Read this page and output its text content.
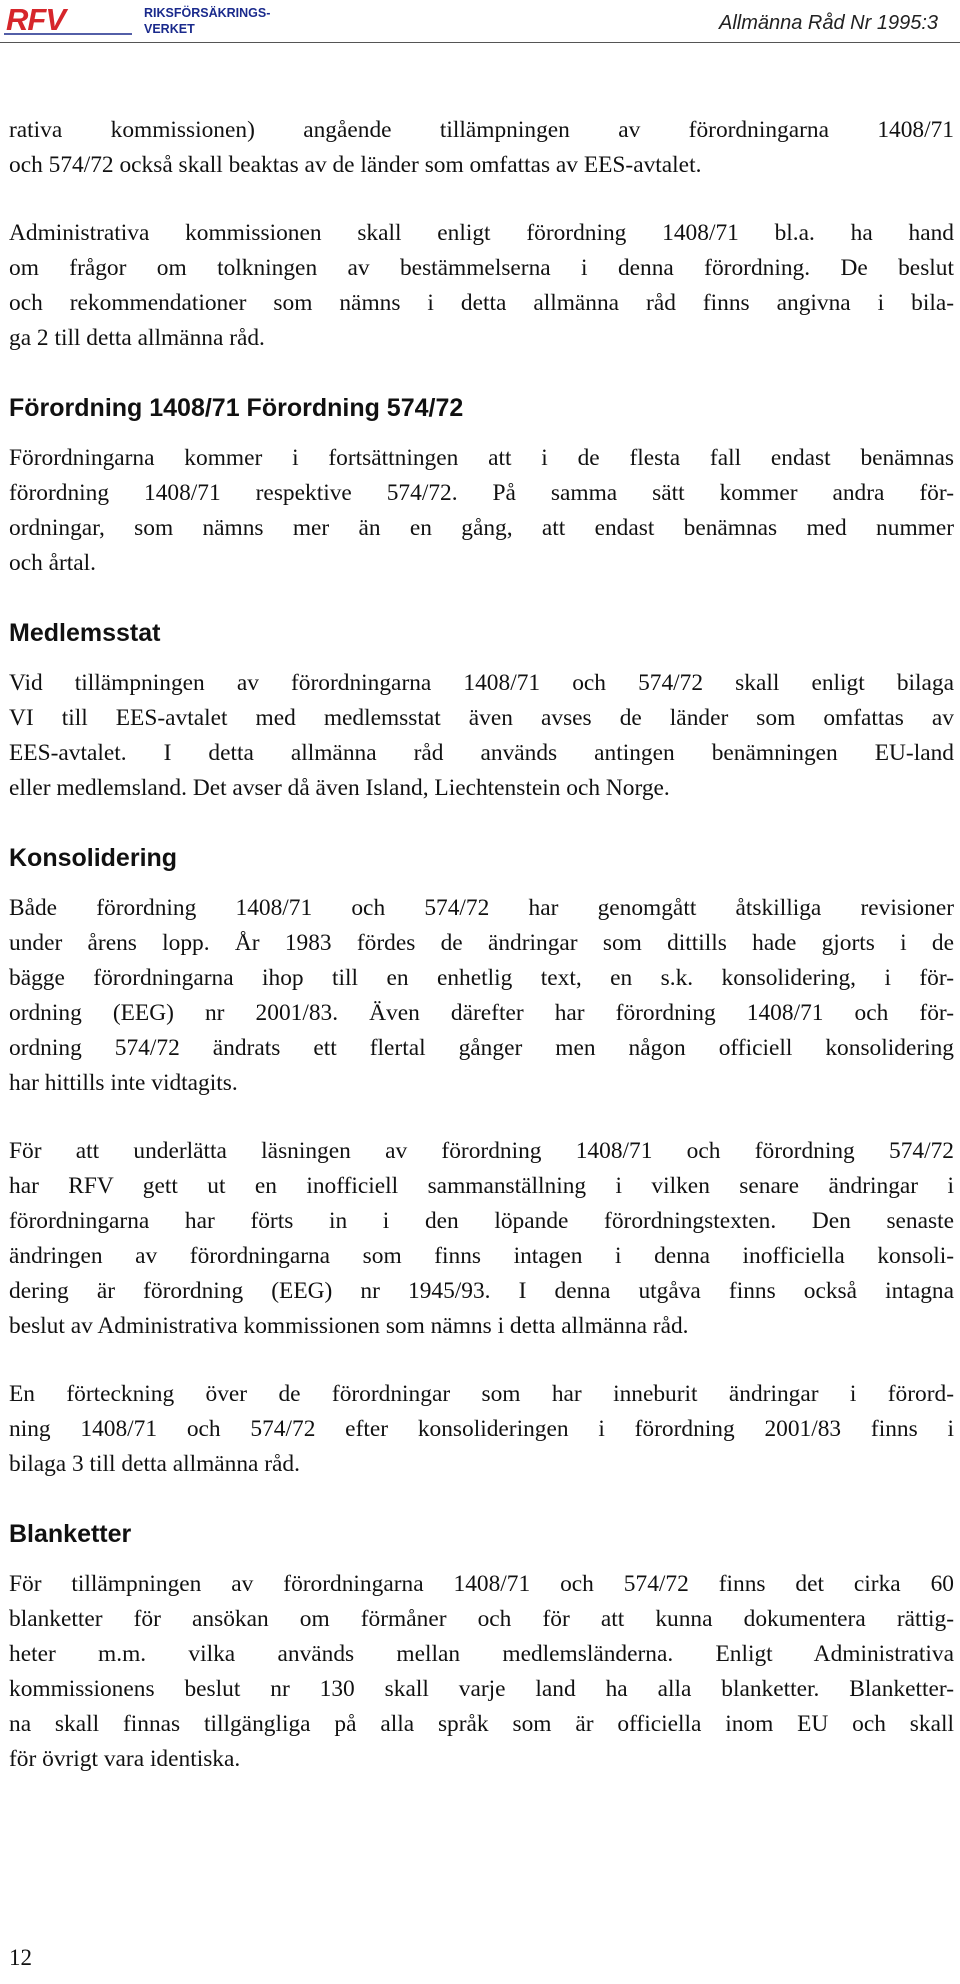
RFV	RIKSFÖRSÄKRINGS-
VERKET	Allmänna Råd Nr 1995:3
rativa kommissionen) angående tillämpningen av förordningarna 1408/71
och 574/72 också skall beaktas av de länder som omfattas av EES-avtalet.
Administrativa kommissionen skall enligt förordning 1408/71 bl.a. ha hand
om frågor om tolkningen av bestämmelserna i denna förordning. De beslut
och rekommendationer som nämns i detta allmänna råd finns angivna i bila-
ga 2 till detta allmänna råd.
Förordning 1408/71 Förordning 574/72
Förordningarna kommer i fortsättningen att i de flesta fall endast benämnas
förordning 1408/71 respektive 574/72. På samma sätt kommer andra för-
ordningar, som nämns mer än en gång, att endast benämnas med nummer
och årtal.
Medlemsstat
Vid tillämpningen av förordningarna 1408/71 och 574/72 skall enligt bilaga
VI till EES-avtalet med medlemsstat även avses de länder som omfattas av
EES-avtalet. I detta allmänna råd används antingen benämningen EU-land
eller medlemsland. Det avser då även Island, Liechtenstein och Norge.
Konsolidering
Både förordning 1408/71 och 574/72 har genomgått åtskilliga revisioner
under årens lopp. År 1983 fördes de ändringar som dittills hade gjorts i de
bägge förordningarna ihop till en enhetlig text, en s.k. konsolidering, i för-
ordning (EEG) nr 2001/83. Även därefter har förordning 1408/71 och för-
ordning 574/72 ändrats ett flertal gånger men någon officiell konsolidering
har hittills inte vidtagits.
För att underlätta läsningen av förordning 1408/71 och förordning 574/72
har RFV gett ut en inofficiell sammanställning i vilken senare ändringar i
förordningarna har förts in i den löpande förordningstexten. Den senaste
ändringen av förordningarna som finns intagen i denna inofficiella konsoli-
dering är förordning (EEG) nr 1945/93. I denna utgåva finns också intagna
beslut av Administrativa kommissionen som nämns i detta allmänna råd.
En förteckning över de förordningar som har inneburit ändringar i förord-
ning 1408/71 och 574/72 efter konsolideringen i förordning 2001/83 finns i
bilaga 3 till detta allmänna råd.
Blanketter
För tillämpningen av förordningarna 1408/71 och 574/72 finns det cirka 60
blanketter för ansökan om förmåner och för att kunna dokumentera rättig-
heter m.m. vilka används mellan medlemsländerna. Enligt Administrativa
kommissionens beslut nr 130 skall varje land ha alla blanketter. Blanketter-
na skall finnas tillgängliga på alla språk som är officiella inom EU och skall
för övrigt vara identiska.
12
